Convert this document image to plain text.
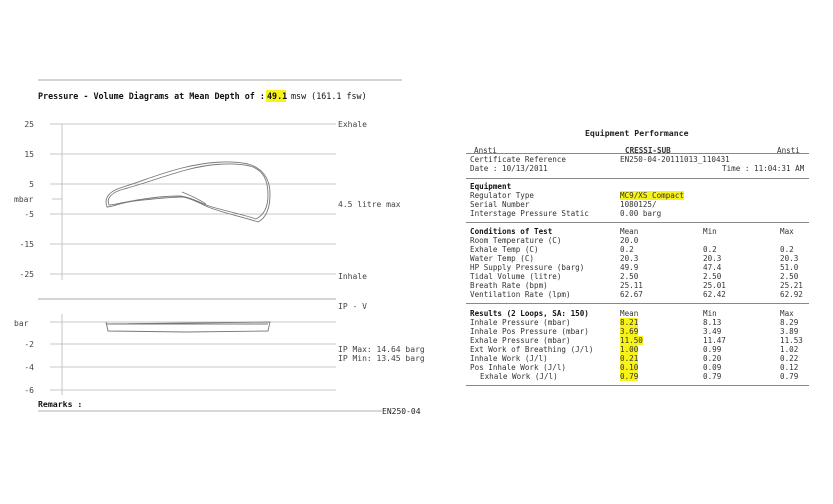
Pressure - Volume Diagrams at Mean Depth of : 49.1 msw (161.1 fsw)
25
15
5
-5
-15
-25
mbar
Exhale
4.5 litre max
Inhale
IP - V
bar
-2
-4
-6
IP Max: 14.64 barg
IP Min: 13.45 barg
Remarks :
EN250-04
Equipment Performance
Ansti	CRESSI-SUB	Ansti
Certificate Reference	EN250-04-20111013_110431
Date : 10/13/2011	Time : 11:04:31 AM
Equipment
Regulator Type	MC9/XS Compact
Serial Number	1080125/
Interstage Pressure Static	0.00 barg
Conditions of Test	Mean	Min	Max
Room Temperature (C)	20.0
Exhale Temp (C)	0.2	0.2	0.2
Water Temp (C)	20.3	20.3	20.3
HP Supply Pressure (barg)	49.9	47.4	51.0
Tidal Volume (litre)	2.50	2.50	2.50
Breath Rate (bpm)	25.11	25.01	25.21
Ventilation Rate (lpm)	62.67	62.42	62.92
Results (2 Loops, SA: 150)	Mean	Min	Max
Inhale Pressure (mbar)	8.21	8.13	8.29
Inhale Pos Pressure (mbar)	3.69	3.49	3.89
Exhale Pressure (mbar)	11.50	11.47	11.53
Ext Work of Breathing (J/l)	1.00	0.99	1.02
Inhale Work (J/l)	0.21	0.20	0.22
Pos Inhale Work (J/l)	0.10	0.09	0.12
Exhale Work (J/l)	0.79	0.79	0.79
